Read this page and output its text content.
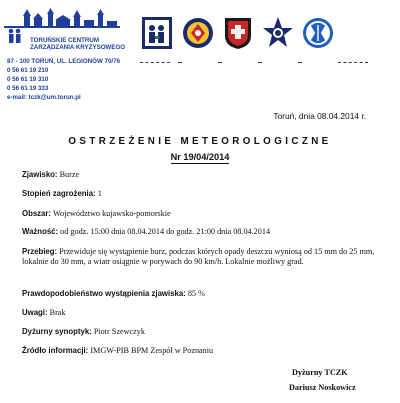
TORUŃSKIE CENTRUM
ZARZĄDZANIA KRYZYSOWEGO
87 - 100 TORUŃ, UL. LEGIONÓW 70/76
0 56 61 19 210
0 56 61 19 310
0 56 61 19 333
e-mail: tczk@um.torun.pl
Toruń, dnia 08.04.2014 r.
OSTRZEŻENIE METEOROLOGICZNE
Nr 19/04/2014
Zjawisko: Burze
Stopień zagrożenia: 1
Obszar: Województwo kujawsko-pomorskie
Ważność: od godz. 15:00 dnia 08.04.2014 do godz. 21:00 dnia 08.04.2014
Przebieg: Przewiduje się wystąpienie burz, podczas których opady deszczu wyniosą od 15 mm do 25 mm, lokalnie do 30 mm, a wiatr osiągnie w porywach do 90 km/h. Lokalnie możliwy grad.
Prawdopodobieństwo wystąpienia zjawiska: 85 %
Uwagi: Brak
Dyżurny synoptyk: Piotr Szewczyk
Źródło informacji: IMGW-PIB BPM Zespół w Poznaniu
Dyżurny TCZK
Dariusz Noskowicz
